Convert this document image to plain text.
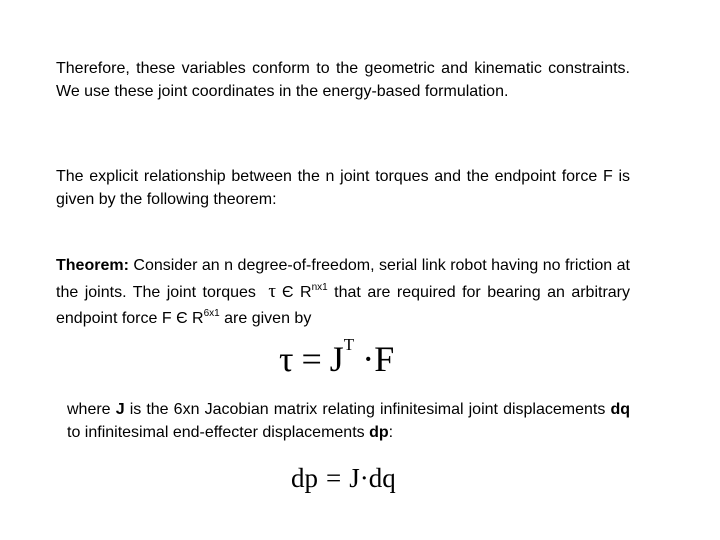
Therefore, these variables conform to the geometric and kinematic constraints. We use these joint coordinates in the energy-based formulation.

The explicit relationship between the n joint torques and the endpoint force F is given by the following theorem:

Theorem: Consider an n degree-of-freedom, serial link robot having no friction at the joints. The joint torques τ Є $R^{nx1}$ that are required for bearing an arbitrary endpoint force F Є $R^{6x1}$ are given by

$\tau = J^T \cdot F$

where J is the 6xn Jacobian matrix relating infinitesimal joint displacements dq to infinitesimal end-effecter displacements dp:

dp = J·dq
